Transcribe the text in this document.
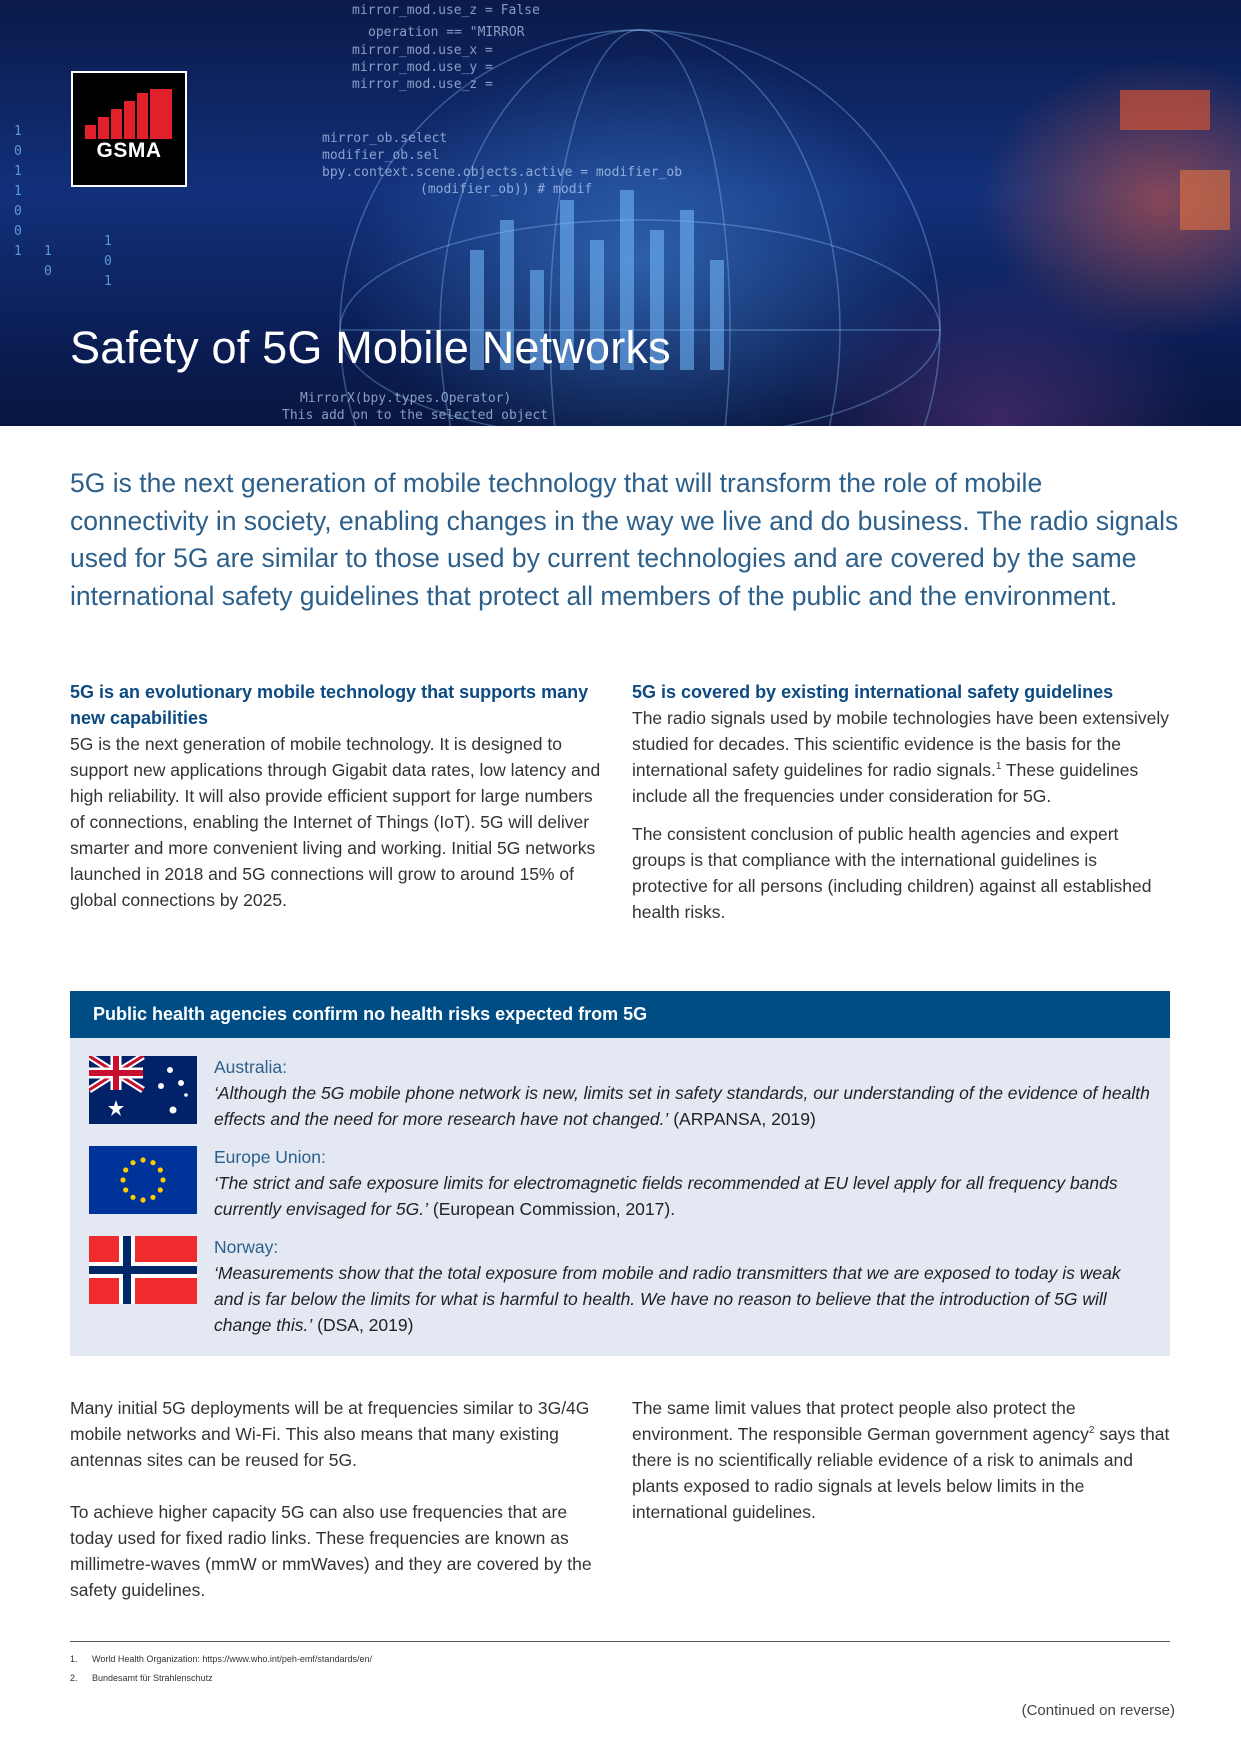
1
0
1
1
0
0
1 1
0
1
0
1
mirror_mod.use_z = False
operation == "MIRROR
mirror_mod.use_x =
mirror_mod.use_y =
mirror_mod.use_z =
mirror_ob.select
modifier_ob.sel
bpy.context.scene.objects.active = modifier_ob
(modifier_ob)) # modif
MirrorX(bpy.types.Operator)
This add on to the selected object
GSMA
Safety of 5G Mobile Networks

5G is the next generation of mobile technology that will transform the role of mobile connectivity in society, enabling changes in the way we live and do business. The radio signals used for 5G are similar to those used by current technologies and are covered by the same international safety guidelines that protect all members of the public and the environment.

5G is an evolutionary mobile technology that supports many new capabilities

5G is the next generation of mobile technology. It is designed to support new applications through Gigabit data rates, low latency and high reliability. It will also provide efficient support for large numbers of connections, enabling the Internet of Things (IoT). 5G will deliver smarter and more convenient living and working. Initial 5G networks launched in 2018 and 5G connections will grow to around 15% of global connections by 2025.

5G is covered by existing international safety guidelines

The radio signals used by mobile technologies have been extensively studied for decades. This scientific evidence is the basis for the international safety guidelines for radio signals.$^1$ These guidelines include all the frequencies under consideration for 5G.

The consistent conclusion of public health agencies and expert groups is that compliance with the international guidelines is protective for all persons (including children) against all established health risks.

Public health agencies confirm no health risks expected from 5G
Australia:
‘Although the 5G mobile phone network is new, limits set in safety standards, our understanding of the evidence of health effects and the need for more research have not changed.’ (ARPANSA, 2019)
Europe Union:
‘The strict and safe exposure limits for electromagnetic fields recommended at EU level apply for all frequency bands currently envisaged for 5G.’ (European Commission, 2017).
Norway:
‘Measurements show that the total exposure from mobile and radio transmitters that we are exposed to today is weak and is far below the limits for what is harmful to health. We have no reason to believe that the introduction of 5G will change this.’ (DSA, 2019)

Many initial 5G deployments will be at frequencies similar to 3G/4G mobile networks and Wi-Fi. This also means that many existing antennas sites can be reused for 5G.

To achieve higher capacity 5G can also use frequencies that are today used for fixed radio links. These frequencies are known as millimetre-waves (mmW or mmWaves) and they are covered by the safety guidelines.

The same limit values that protect people also protect the environment. The responsible German government agency$^2$ says that there is no scientifically reliable evidence of a risk to animals and plants exposed to radio signals at levels below limits in the international guidelines.

1. World Health Organization: https://www.who.int/peh-emf/standards/en/
2. Bundesamt für Strahlenschutz
(Continued on reverse)
